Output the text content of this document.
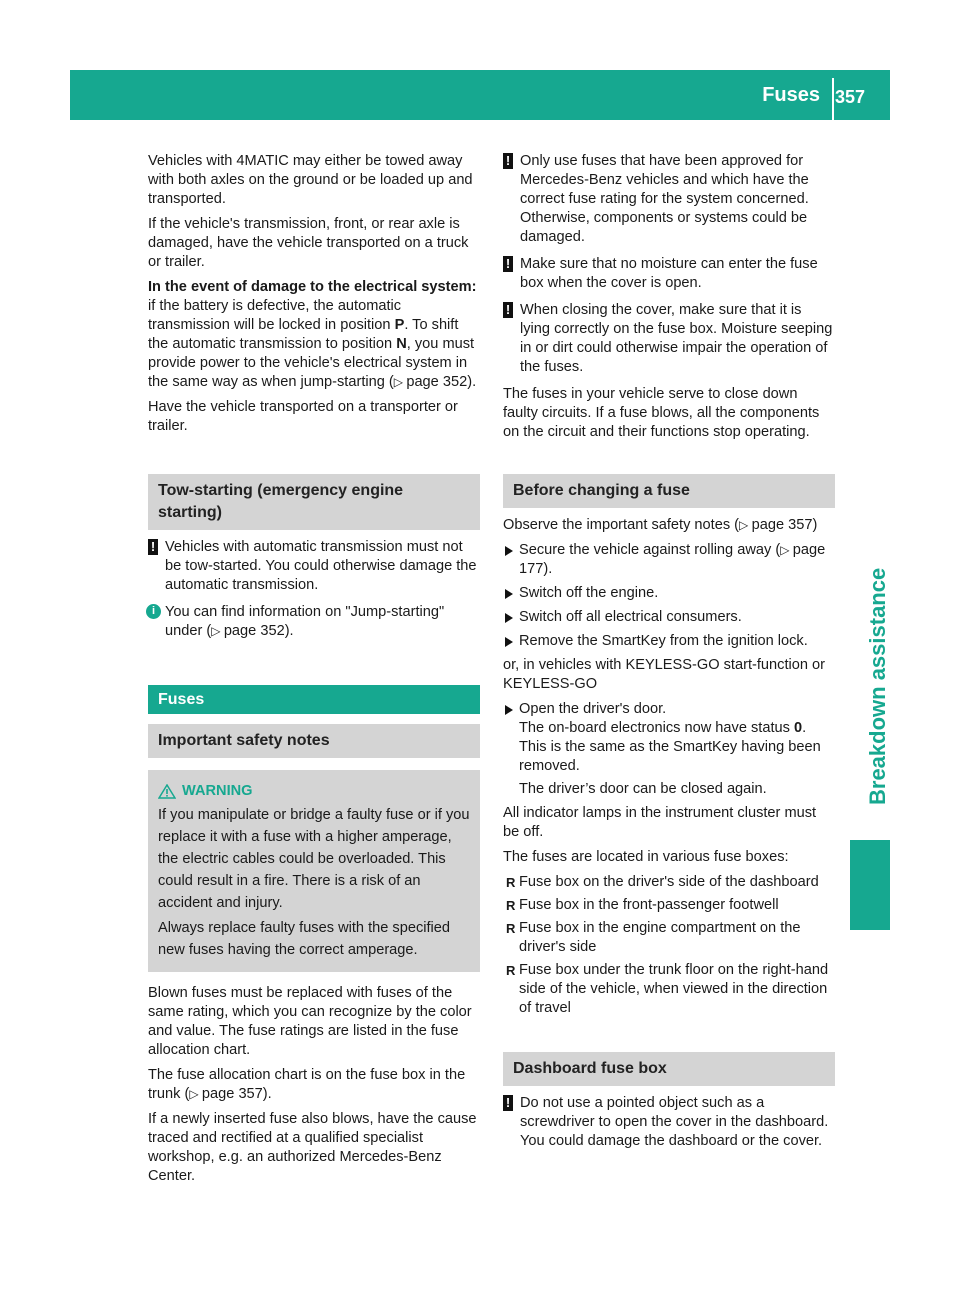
Fuses 357
Breakdown assistance

Vehicles with 4MATIC may either be towed away with both axles on the ground or be loaded up and transported.

If the vehicle's transmission, front, or rear axle is damaged, have the vehicle transported on a truck or trailer.

In the event of damage to the electrical system: if the battery is defective, the automatic transmission will be locked in position P. To shift the automatic transmission to position N, you must provide power to the vehicle's electrical system in the same way as when jump-starting (▷ page 352).

Have the vehicle transported on a transporter or trailer.

Tow-starting (emergency engine starting)
! Vehicles with automatic transmission must not be tow-started. You could otherwise damage the automatic transmission.
i You can find information on "Jump-starting" under (▷ page 352).
Fuses
Important safety notes
WARNING

If you manipulate or bridge a faulty fuse or if you replace it with a fuse with a higher amperage, the electric cables could be overloaded. This could result in a fire. There is a risk of an accident and injury.

Always replace faulty fuses with the specified new fuses having the correct amperage.

Blown fuses must be replaced with fuses of the same rating, which you can recognize by the color and value. The fuse ratings are listed in the fuse allocation chart.

The fuse allocation chart is on the fuse box in the trunk (▷ page 357).

If a newly inserted fuse also blows, have the cause traced and rectified at a qualified specialist workshop, e.g. an authorized Mercedes-Benz Center.

! Only use fuses that have been approved for Mercedes-Benz vehicles and which have the correct fuse rating for the system concerned. Otherwise, components or systems could be damaged.
! Make sure that no moisture can enter the fuse box when the cover is open.
! When closing the cover, make sure that it is lying correctly on the fuse box. Moisture seeping in or dirt could otherwise impair the operation of the fuses.

The fuses in your vehicle serve to close down faulty circuits. If a fuse blows, all the components on the circuit and their functions stop operating.

Before changing a fuse

Observe the important safety notes (▷ page 357)

Secure the vehicle against rolling away (▷ page 177).
Switch off the engine.
Switch off all electrical consumers.
Remove the SmartKey from the ignition lock.

or, in vehicles with KEYLESS-GO start-function or KEYLESS-GO

Open the driver's door.
The on-board electronics now have status 0.
This is the same as the SmartKey having been removed.
The driver’s door can be closed again.

All indicator lamps in the instrument cluster must be off.

The fuses are located in various fuse boxes:

R Fuse box on the driver's side of the dashboard
R Fuse box in the front-passenger footwell
R Fuse box in the engine compartment on the driver's side
R Fuse box under the trunk floor on the right-hand side of the vehicle, when viewed in the direction of travel
Dashboard fuse box
! Do not use a pointed object such as a screwdriver to open the cover in the dashboard. You could damage the dashboard or the cover.
